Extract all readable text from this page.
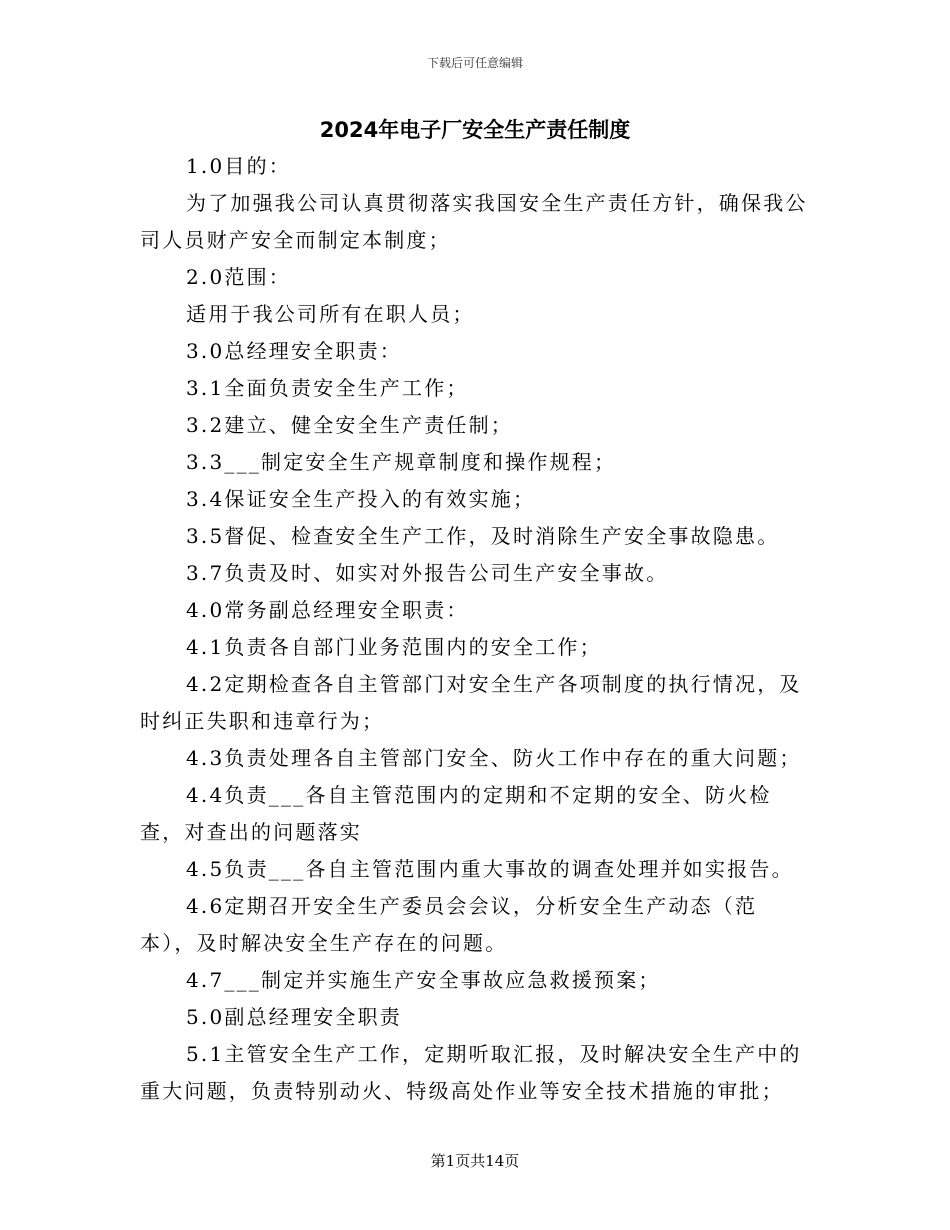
下载后可任意编辑
2024年电子厂安全生产责任制度

1.0目的：

为了加强我公司认真贯彻落实我国安全生产责任方针，确保我公司人员财产安全而制定本制度；

2.0范围：

适用于我公司所有在职人员；

3.0总经理安全职责：

3.1全面负责安全生产工作；

3.2建立、健全安全生产责任制；

3.3___制定安全生产规章制度和操作规程；

3.4保证安全生产投入的有效实施；

3.5督促、检查安全生产工作，及时消除生产安全事故隐患。

3.7负责及时、如实对外报告公司生产安全事故。

4.0常务副总经理安全职责：

4.1负责各自部门业务范围内的安全工作；

4.2定期检查各自主管部门对安全生产各项制度的执行情况，及时纠正失职和违章行为；

4.3负责处理各自主管部门安全、防火工作中存在的重大问题；

4.4负责___各自主管范围内的定期和不定期的安全、防火检查，对查出的问题落实

4.5负责___各自主管范围内重大事故的调查处理并如实报告。

4.6定期召开安全生产委员会会议，分析安全生产动态（范本），及时解决安全生产存在的问题。

4.7___制定并实施生产安全事故应急救援预案；

5.0副总经理安全职责

5.1主管安全生产工作，定期听取汇报，及时解决安全生产中的重大问题，负责特别动火、特级高处作业等安全技术措施的审批；

第1页共14页
